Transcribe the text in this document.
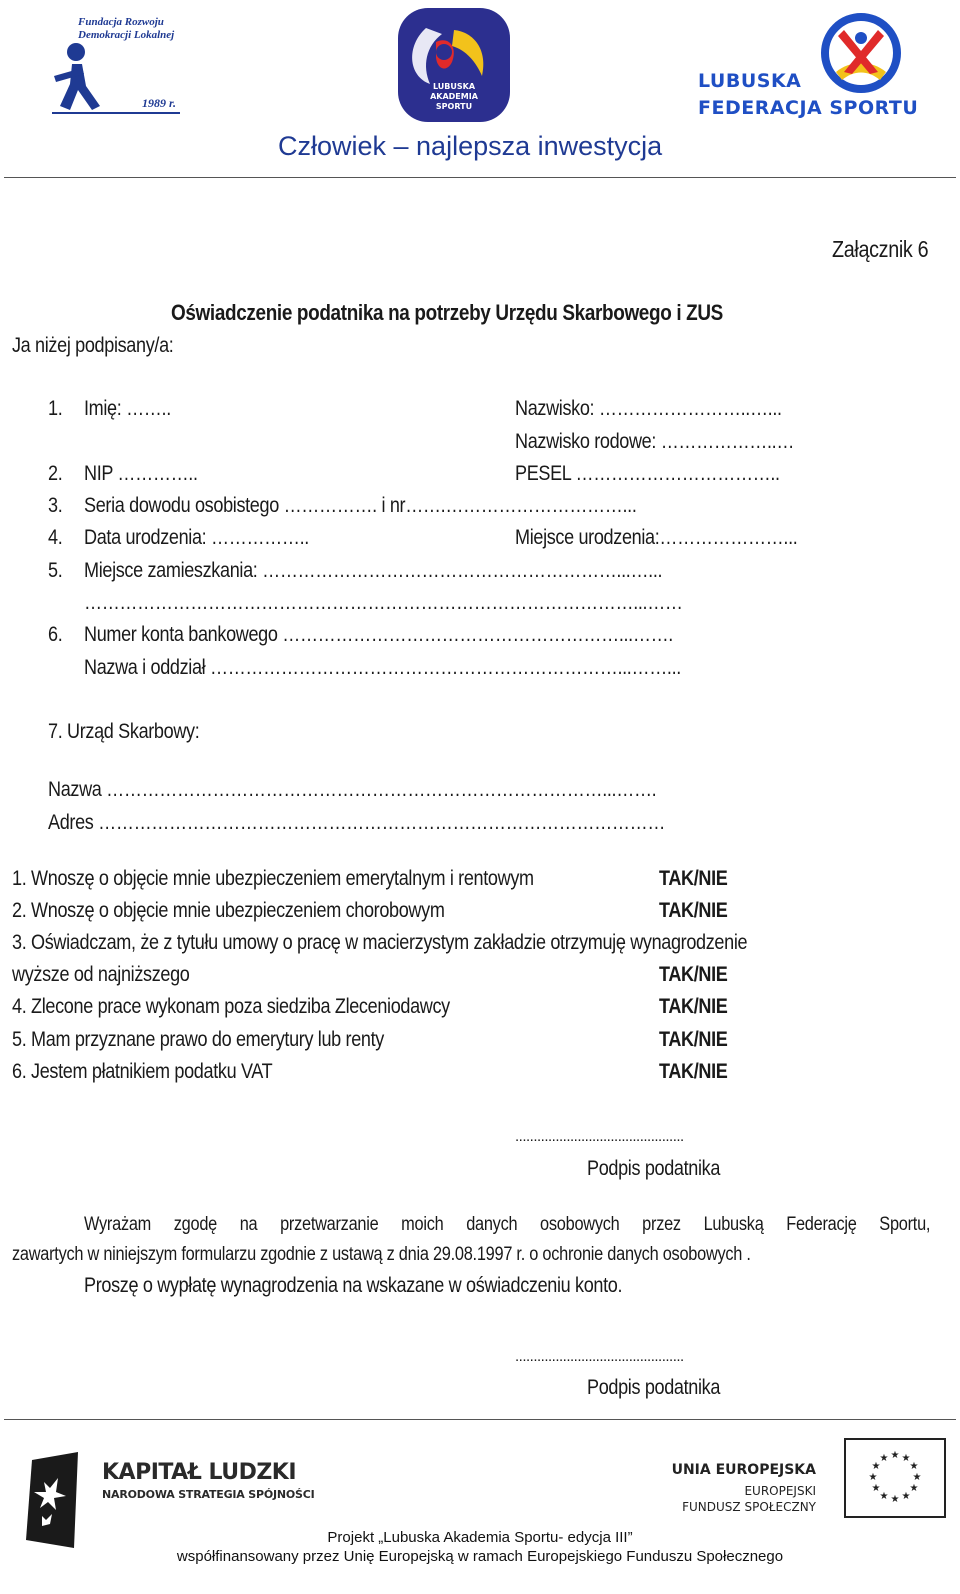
Fundacja Rozwoju Demokracji Lokalnej
1989 r.
LUBUSKA
AKADEMIA
SPORTU
LUBUSKA
FEDERACJA SPORTU
Człowiek – najlepsza inwestycja
Załącznik 6
Oświadczenie podatnika na potrzeby Urzędu Skarbowego i ZUS
Ja niżej podpisany/a:
1. Imię: ……..	Nazwisko: ……………………..…...
Nazwisko rodowe: ………………..…
2. NIP …………..	PESEL ……………………………..
3. Seria dowodu osobistego ……………. i nr…….…………………………...
4. Data urodzenia: ……………..	Miejsce urodzenia:…………………...
5. Miejsce zamieszkania: ……………………………………………………...…...
…………………………………………………………………………………...……
6. Numer konta bankowego …………………………………………………...…….
Nazwa i oddział ……………………………………………………………...……...
7. Urząd Skarbowy:
Nazwa …………………………………………………………………………...…….
Adres ……………………………………………………………………………………
1. Wnoszę o objęcie mnie ubezpieczeniem emerytalnym i rentowym	TAK/NIE
2. Wnoszę o objęcie mnie ubezpieczeniem chorobowym	TAK/NIE
3. Oświadczam, że z tytułu umowy o pracę w macierzystym zakładzie otrzymuję wynagrodzenie
wyższe od najniższego	TAK/NIE
4. Zlecone prace wykonam poza siedziba Zleceniodawcy	TAK/NIE
5. Mam przyznane prawo do emerytury lub renty	TAK/NIE
6. Jestem płatnikiem podatku VAT	TAK/NIE
..............................................
Podpis podatnika
Wyrażam zgodę na przetwarzanie moich danych osobowych przez Lubuską Federację Sportu,
zawartych w niniejszym formularzu zgodnie z ustawą z dnia 29.08.1997 r. o ochronie danych osobowych .
Proszę o wypłatę wynagrodzenia na wskazane w oświadczeniu konto.
..............................................
Podpis podatnika
KAPITAŁ LUDZKI
NARODOWA STRATEGIA SPÓJNOŚCI
UNIA EUROPEJSKA
EUROPEJSKI
FUNDUSZ SPOŁECZNY
★ ★
★
★
★
★
★
★
★
★
★
★
Projekt „Lubuska Akademia Sportu- edycja III”
współfinansowany przez Unię Europejską w ramach Europejskiego Funduszu Społecznego
